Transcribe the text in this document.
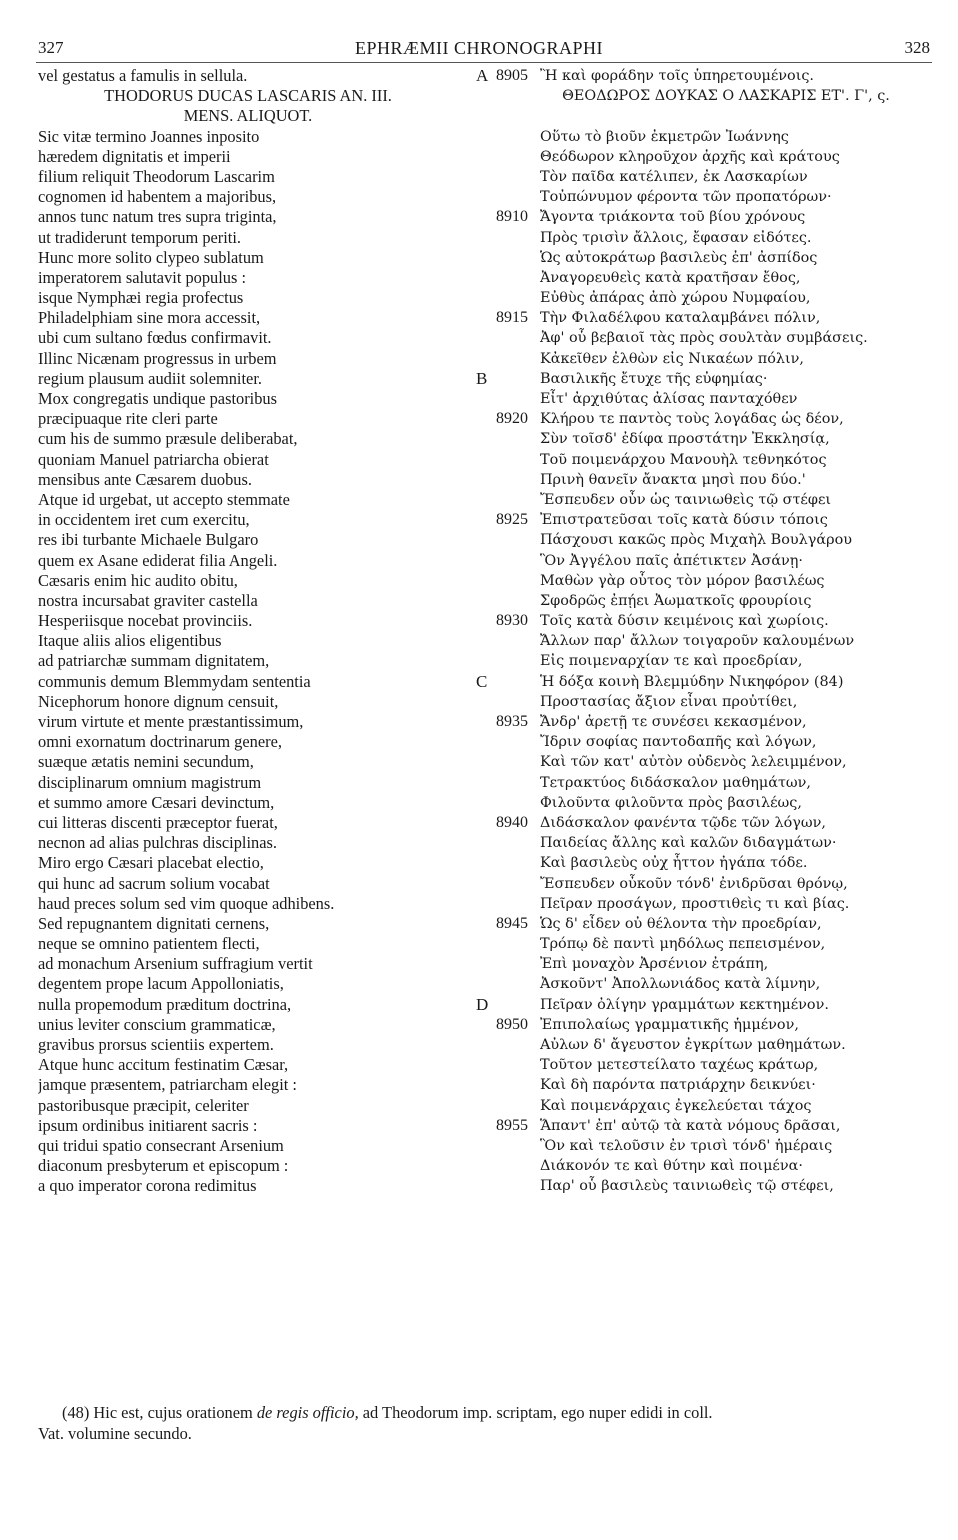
327	EPHRÆMII CHRONOGRAPHI	328
vel gestatus a famulis in sellula.
THODORUS DUCAS LASCARIS AN. III.
MENS. ALIQUOT.
Sic vitæ termino Joannes inposito
hæredem dignitatis et imperii
filium reliquit Theodorum Lascarim
cognomen id habentem a majoribus,
annos tunc natum tres supra triginta,
ut tradiderunt temporum periti.
Hunc more solito clypeo sublatum
imperatorem salutavit populus :
isque Nymphæi regia profectus
Philadelphiam sine mora accessit,
ubi cum sultano fœdus confirmavit.
Illinc Nicænam progressus in urbem
regium plausum audiit solemniter.
Mox congregatis undique pastoribus
præcipuaque rite cleri parte
cum his de summo præsule deliberabat,
quoniam Manuel patriarcha obierat
mensibus ante Cæsarem duobus.
Atque id urgebat, ut accepto stemmate
in occidentem iret cum exercitu,
res ibi turbante Michaele Bulgaro
quem ex Asane ediderat filia Angeli.
Cæsaris enim hic audito obitu,
nostra incursabat graviter castella
Hesperiisque nocebat provinciis.
Itaque aliis alios eligentibus
ad patriarchæ summam dignitatem,
communis demum Blemmydam sententia
Nicephorum honore dignum censuit,
virum virtute et mente præstantissimum,
omni exornatum doctrinarum genere,
suæque ætatis nemini secundum,
disciplinarum omnium magistrum
et summo amore Cæsari devinctum,
cui litteras discenti præceptor fuerat,
necnon ad alias pulchras disciplinas.
Miro ergo Cæsari placebat electio,
qui hunc ad sacrum solium vocabat
haud preces solum sed vim quoque adhibens.
Sed repugnantem dignitati cernens,
neque se omnino patientem flecti,
ad monachum Arsenium suffragium vertit
degentem prope lacum Appolloniatis,
nulla propemodum præditum doctrina,
unius leviter conscium grammaticæ,
gravibus prorsus scientiis expertem.
Atque hunc accitum festinatim Cæsar,
jamque præsentem, patriarcham elegit :
pastoribusque præcipit, celeriter
ipsum ordinibus initiarent sacris :
qui tridui spatio consecrant Arsenium
diaconum presbyterum et episcopum :
a quo imperator corona redimitus
A 8905 Ἢ καὶ φοράδην τοῖς ὑπηρετουμένοις.
ΘΕΟΔΩΡΟΣ ΔΟΥΚΑΣ Ο ΛΑΣΚΑΡΙΣ ΕΤ'. Γ', ς.
Οὕτω τὸ βιοῦν ἐκμετρῶν Ἰωάννης
Θεόδωρον κληροῦχον ἀρχῆς καὶ κράτους
Τὸν παῖδα κατέλιπεν, ἐκ Λασκαρίων
Τοὐπώνυμον φέροντα τῶν προπατόρων·
8910 Ἄγοντα τριάκοντα τοῦ βίου χρόνους
Πρὸς τρισὶν ἄλλοις, ἔφασαν εἰδότες.
Ὡς αὐτοκράτωρ βασιλεὺς ἐπ' ἀσπίδος
Ἀναγορευθεὶς κατὰ κρατῆσαν ἔθος,
Εὐθὺς ἀπάρας ἀπὸ χώρου Νυμφαίου,
8915 Τὴν Φιλαδέλφου καταλαμβάνει πόλιν,
Ἀφ' οὗ βεβαιοῖ τὰς πρὸς σουλτὰν συμβάσεις.
Κἀκεῖθεν ἐλθὼν εἰς Νικαέων πόλιν,
B	Βασιλικῆς ἔτυχε τῆς εὐφημίας·
Εἶτ' ἀρχιθύτας ἀλίσας πανταχόθεν
8920 Κλήρου τε παντὸς τοὺς λογάδας ὡς δέον,
Σὺν τοῖσδ' ἐδίφα προστάτην Ἐκκλησίᾳ,
Τοῦ ποιμενάρχου Μανουὴλ τεθνηκότος
Πρινὴ θανεῖν ἄνακτα μησὶ που δύο.'
Ἔσπευδεν οὖν ὡς ταινιωθεὶς τῷ στέφει
8925 Ἐπιστρατεῦσαι τοῖς κατὰ δύσιν τόποις
Πάσχουσι κακῶς πρὸς Μιχαὴλ Βουλγάρου
Ὃν Ἀγγέλου παῖς ἀπέτικτεν Ἀσάνῃ·
Μαθὼν γὰρ οὗτος τὸν μόρον βασιλέως
Σφοδρῶς ἐπῄει Ἀωματκοῖς φρουρίοις
8930 Τοῖς κατὰ δύσιν κειμένοις καὶ χωρίοις.
Ἄλλων παρ' ἄλλων τοιγαροῦν καλουμένων
Εἰς ποιμεναρχίαν τε καὶ προεδρίαν,
C	Ἡ δόξα κοινὴ Βλεμμύδην Νικηφόρον (84)
Προστασίας ἄξιον εἶναι προὐτίθει,
8935 Ἄνδρ' ἀρετῇ τε συνέσει κεκασμένον,
Ἴδριν σοφίας παντοδαπῆς καὶ λόγων,
Καὶ τῶν κατ' αὐτὸν οὐδενὸς λελειμμένον,
Τετρακτύος διδάσκαλον μαθημάτων,
Φιλοῦντα φιλοῦντα πρὸς βασιλέως,
8940 Διδάσκαλον φανέντα τῷδε τῶν λόγων,
Παιδείας ἄλλης καὶ καλῶν διδαγμάτων·
Καὶ βασιλεὺς οὐχ ἧττον ἠγάπα τόδε.
Ἔσπευδεν οὖκοῦν τόνδ' ἐνιδρῦσαι θρόνῳ,
Πεῖραν προσάγων, προστιθεὶς τι καὶ βίας.
8945 Ὡς δ' εἶδεν οὐ θέλοντα τὴν προεδρίαν,
Τρόπῳ δὲ παντὶ μηδόλως πεπεισμένον,
Ἐπὶ μοναχὸν Ἀρσένιον ἐτράπη,
Ἀσκοῦντ' Ἀπολλωνιάδος κατὰ λίμνην,
D	Πεῖραν ὀλίγην γραμμάτων κεκτημένον.
8950 Ἐπιπολαίως γραμματικῆς ἡμμένον,
Αὐλων δ' ἄγευστον ἐγκρίτων μαθημάτων.
Τοῦτον μετεστείλατο ταχέως κράτωρ,
Καὶ δὴ παρόντα πατριάρχην δεικνύει·
Καὶ ποιμενάρχαις ἐγκελεύεται τάχος
8955 Ἅπαντ' ἐπ' αὐτῷ τὰ κατὰ νόμους δρᾶσαι,
Ὃν καὶ τελοῦσιν ἐν τρισὶ τόνδ' ἡμέραις
Διάκονόν τε καὶ θύτην καὶ ποιμένα·
Παρ' οὗ βασιλεὺς ταινιωθεὶς τῷ στέφει,
(48) Hic est, cujus orationem de regis officio, ad Theodorum imp. scriptam, ego nuper edidi in coll.
Vat. volumine secundo.
